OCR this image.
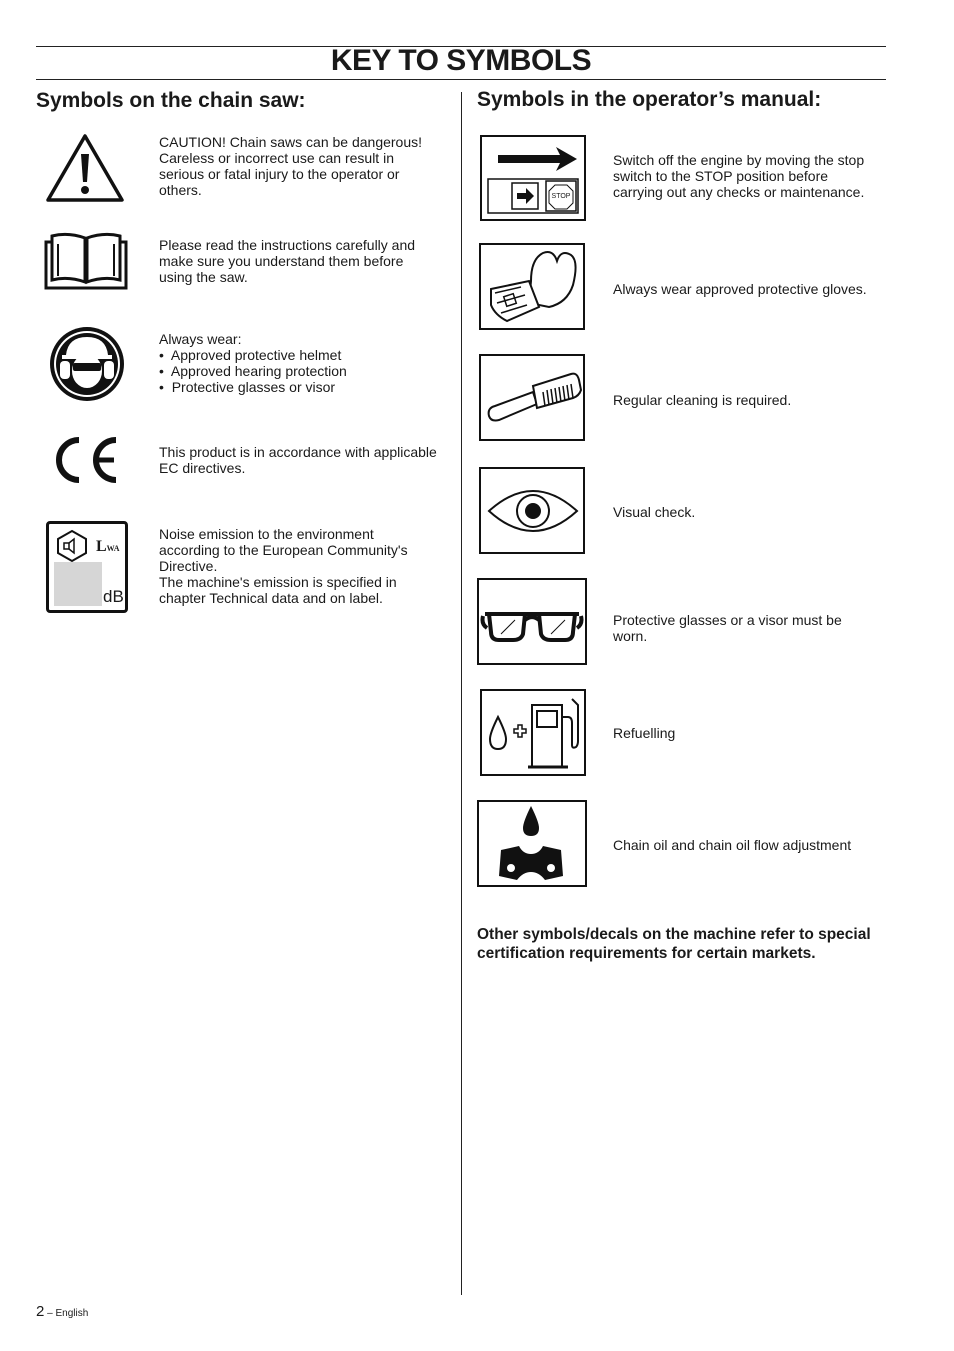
KEY TO SYMBOLS
Symbols on the chain saw:	Symbols in the operator’s manual:
CAUTION! Chain saws can be dangerous!
Careless or incorrect use can result in
serious or fatal injury to the operator or
others.
Please read the instructions carefully and
make sure you understand them before
using the saw.
Always wear:
•  Approved protective helmet
•  Approved hearing protection
•  Protective glasses or visor
This product is in accordance with applicable
EC directives.
LWA
dB
Noise emission to the environment
according to the European Community's
Directive.
The machine's emission is specified in
chapter Technical data and on label.
STOP
Switch off the engine by moving the stop
switch to the STOP position before
carrying out any checks or maintenance.
Always wear approved protective gloves.
Regular cleaning is required.
Visual check.
Protective glasses or a visor must be
worn.
Refuelling
Chain oil and chain oil flow adjustment
Other symbols/decals on the machine refer to special
certification requirements for certain markets.
2 – English
